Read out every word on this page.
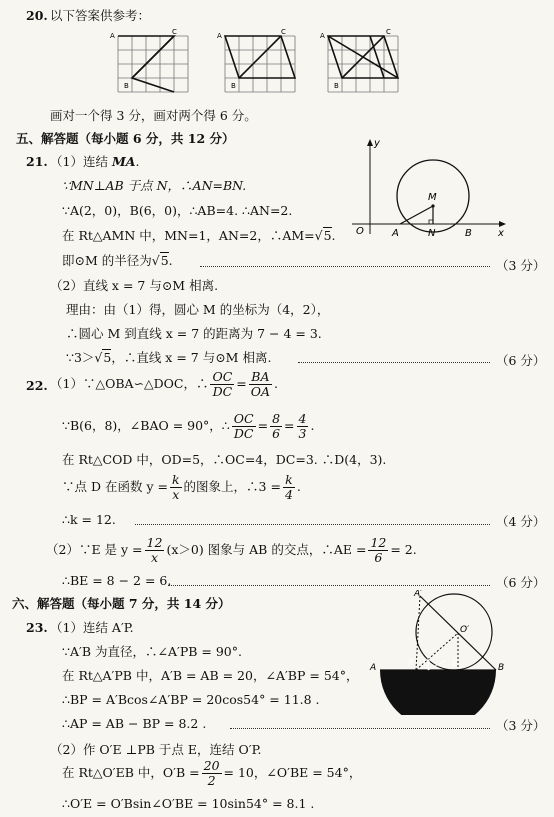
20. 以下答案供参考：
A	C
B
A	C
B
A	C
B
画对一个得 3 分，画对两个得 6 分。
五、解答题（每小题 6 分，共 12 分）
21. （1）连结 MA.
∵MN⊥AB 于点 N，∴AN=BN.
∵A(2，0)，B(6，0)，∴AB=4. ∴AN=2.
在 Rt△AMN 中，MN=1，AN=2，∴AM=√5.
即⊙M 的半径为√5.	（3 分）
（2）直线 x = 7 与⊙M 相离.
理由：由（1）得，圆心 M 的坐标为（4，2），
∴圆心 M 到直线 x = 7 的距离为 7 − 4 = 3.
∵3＞√5，∴直线 x = 7 与⊙M 相离.	（6 分）
y
x
O	A	N	B
M
22. （1）∵△OBA∽△DOC，∴ $\frac{OC}{DC} = \frac{BA}{OA}$ .
∵B(6，8)，∠BAO = 90°，∴ $\frac{OC}{DC} = \frac{8}{6} = \frac{4}{3}$ .
在 Rt△COD 中，OD=5，∴OC=4，DC=3. ∴D(4，3).
∵点 D 在函数 $y = \frac{k}{x}$ 的图象上，∴3 = $\frac{k}{4}$ .
∴k = 12.	（4 分）
（2）∵E 是 $y = \frac{12}{x} (x>0)$ 图象与 AB 的交点，∴AE = $\frac{12}{6} = 2$.
∴BE = 8 − 2 = 6.	（6 分）
六、解答题（每小题 7 分，共 14 分）
23. （1）连结 A′P.
∵A′B 为直径，∴∠A′PB = 90°.
在 Rt△A′PB 中，A′B = AB = 20，∠A′BP = 54°，
∴BP = A′Bcos∠A′BP = 20cos54° = 11.8 .
∴AP = AB − BP = 8.2 .	（3 分）
（2）作 O′E ⊥PB 于点 E，连结 O′P.
在 Rt△O′EB 中，$O'B = \frac{20}{2} = 10$，∠O′BE = 54°，
∴O′E = O′Bsin∠O′BE = 10sin54° = 8.1 .
A′
O′
A	P O E	B
